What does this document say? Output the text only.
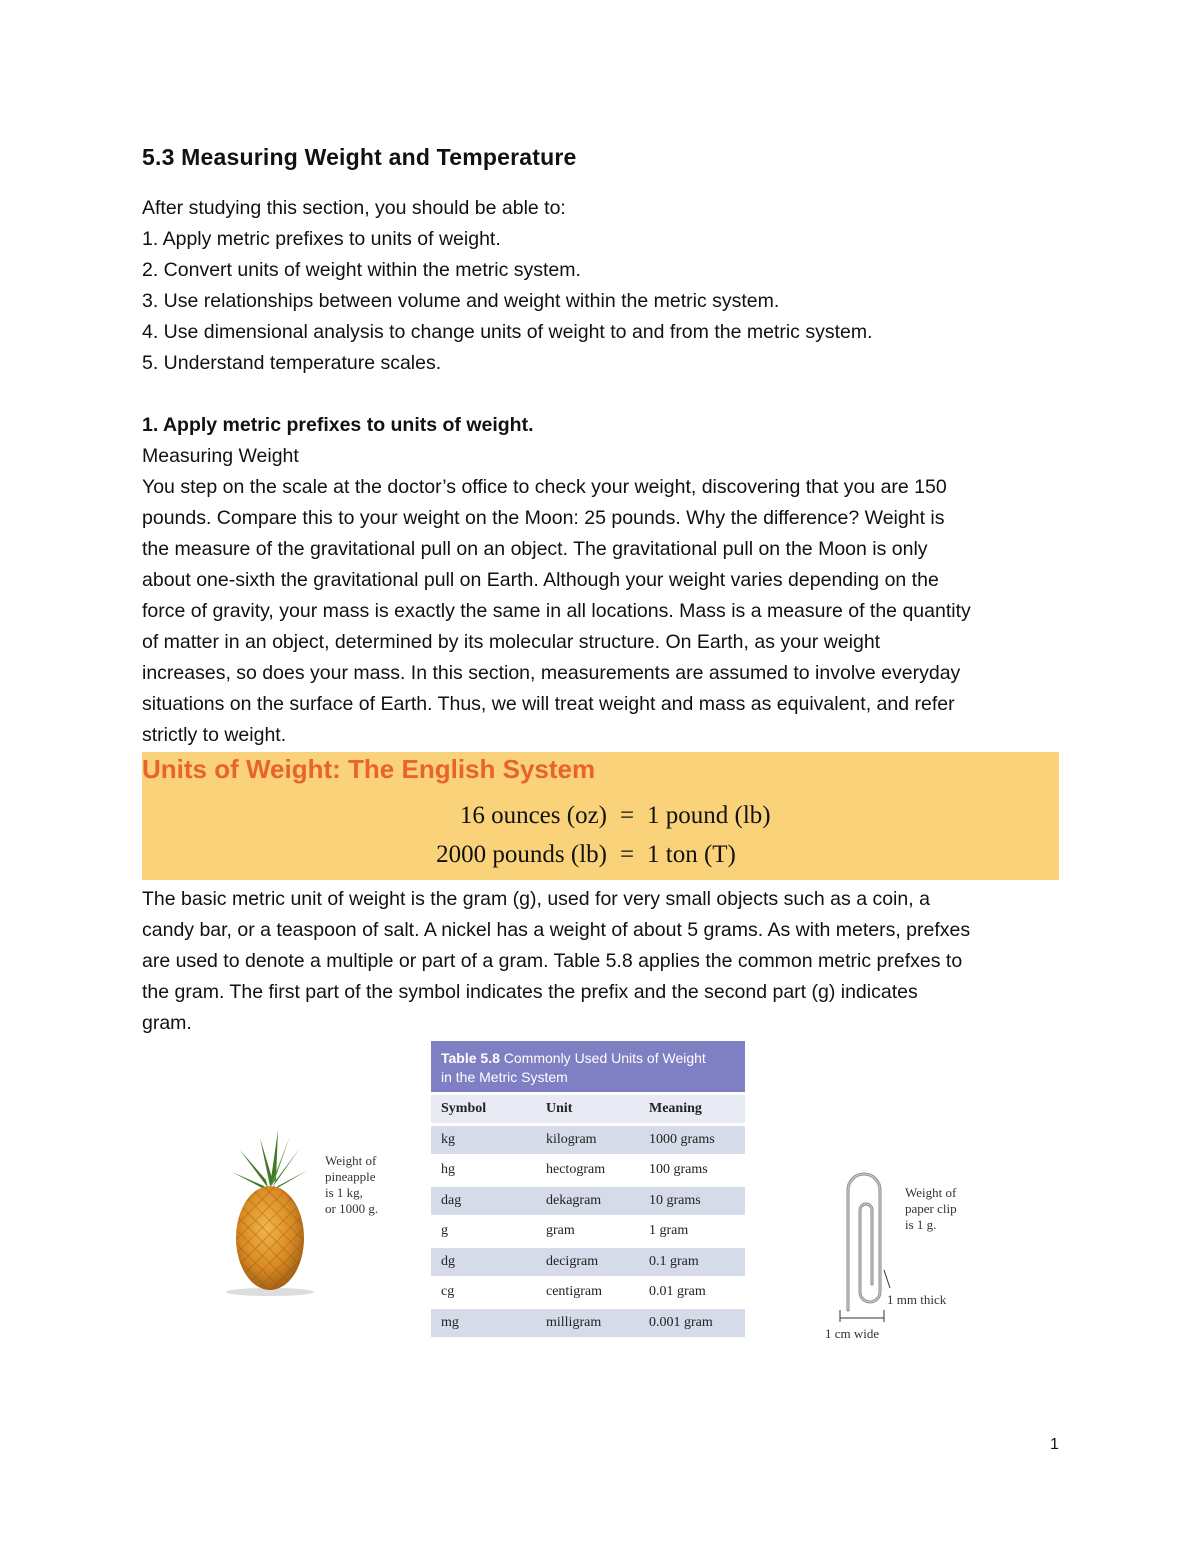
5.3 Measuring Weight and Temperature
After studying this section, you should be able to:
1. Apply metric prefixes to units of weight.
2. Convert units of weight within the metric system.
3. Use relationships between volume and weight within the metric system.
4. Use dimensional analysis to change units of weight to and from the metric system.
5. Understand temperature scales.
1. Apply metric prefixes to units of weight.
Measuring Weight
You step on the scale at the doctor’s office to check your weight, discovering that you are 150
pounds. Compare this to your weight on the Moon: 25 pounds. Why the difference? Weight is
the measure of the gravitational pull on an object. The gravitational pull on the Moon is only
about one-sixth the gravitational pull on Earth. Although your weight varies depending on the
force of gravity, your mass is exactly the same in all locations. Mass is a measure of the quantity
of matter in an object, determined by its molecular structure. On Earth, as your weight
increases, so does your mass. In this section, measurements are assumed to involve everyday
situations on the surface of Earth. Thus, we will treat weight and mass as equivalent, and refer
strictly to weight.
Units of Weight: The English System
16 ounces (oz) = 1 pound (lb)
2000 pounds (lb) = 1 ton (T)
The basic metric unit of weight is the gram (g), used for very small objects such as a coin, a
candy bar, or a teaspoon of salt. A nickel has a weight of about 5 grams. As with meters, prefxes
are used to denote a multiple or part of a gram. Table 5.8 applies the common metric prefxes to
the gram. The first part of the symbol indicates the prefix and the second part (g) indicates
gram.
Table 5.8 Commonly Used Units of Weight
in the Metric System
Symbol	Unit	Meaning
kg	kilogram	1000 grams
hg	hectogram	100 grams
dag	dekagram	10 grams
g	gram	1 gram
dg	decigram	0.1 gram
cg	centigram	0.01 gram
mg	milligram	0.001 gram
Weight of
pineapple
is 1 kg,
or 1000 g.
Weight of
paper clip
is 1 g.
1 mm thick
1 cm wide
1
